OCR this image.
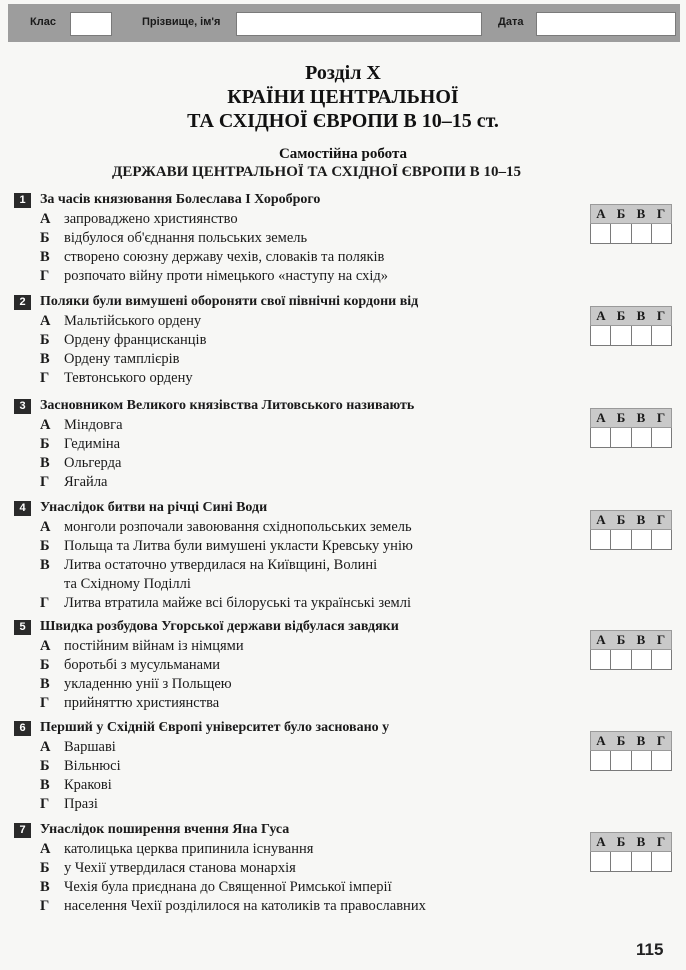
Клас	Прізвище, ім'я	Дата
Розділ X
КРАЇНИ ЦЕНТРАЛЬНОЇ
ТА СХІДНОЇ ЄВРОПИ В 10–15 ст.
Самостійна робота
ДЕРЖАВИ ЦЕНТРАЛЬНОЇ ТА СХІДНОЇ ЄВРОПИ В 10–15
1	За часів князювання Болеслава І Хороброго
А запроваджено християнство
Б відбулося об'єднання польських земель
В створено союзну державу чехів, словаків та поляків
Г	розпочато війну проти німецького «наступу на схід»
А Б В Г
2	Поляки були вимушені обороняти свої північні кордони від
А Мальтійського ордену
Б Ордену францисканців
В Ордену тамплієрів
Г	Тевтонського ордену
А Б В Г
3	Засновником Великого князівства Литовського називають
А Міндовга
Б Гедиміна
В Ольгерда
Г	Ягайла
А Б В Г
4	Унаслідок битви на річці Сині Води
А монголи розпочали завоювання східнопольських земель
Б Польща та Литва були вимушені укласти Кревську унію
В Литва остаточно утвердилася на Київщині, Волині
та Східному Поділлі
Г	Литва втратила майже всі білоруські та українські землі
А Б В Г
5	Швидка розбудова Угорської держави відбулася завдяки
А постійним війнам із німцями
Б боротьбі з мусульманами
В укладенню унії з Польщею
Г	прийняттю християнства
А Б В Г
6	Перший у Східній Європі університет було засновано у
А Варшаві
Б Вільнюсі
В Кракові
Г	Празі
А Б В Г
7	Унаслідок поширення вчення Яна Гуса
А католицька церква припинила існування
Б у Чехії утвердилася станова монархія
В Чехія була приєднана до Священної Римської імперії
Г	населення Чехії розділилося на католиків та православних
А Б В Г
115
